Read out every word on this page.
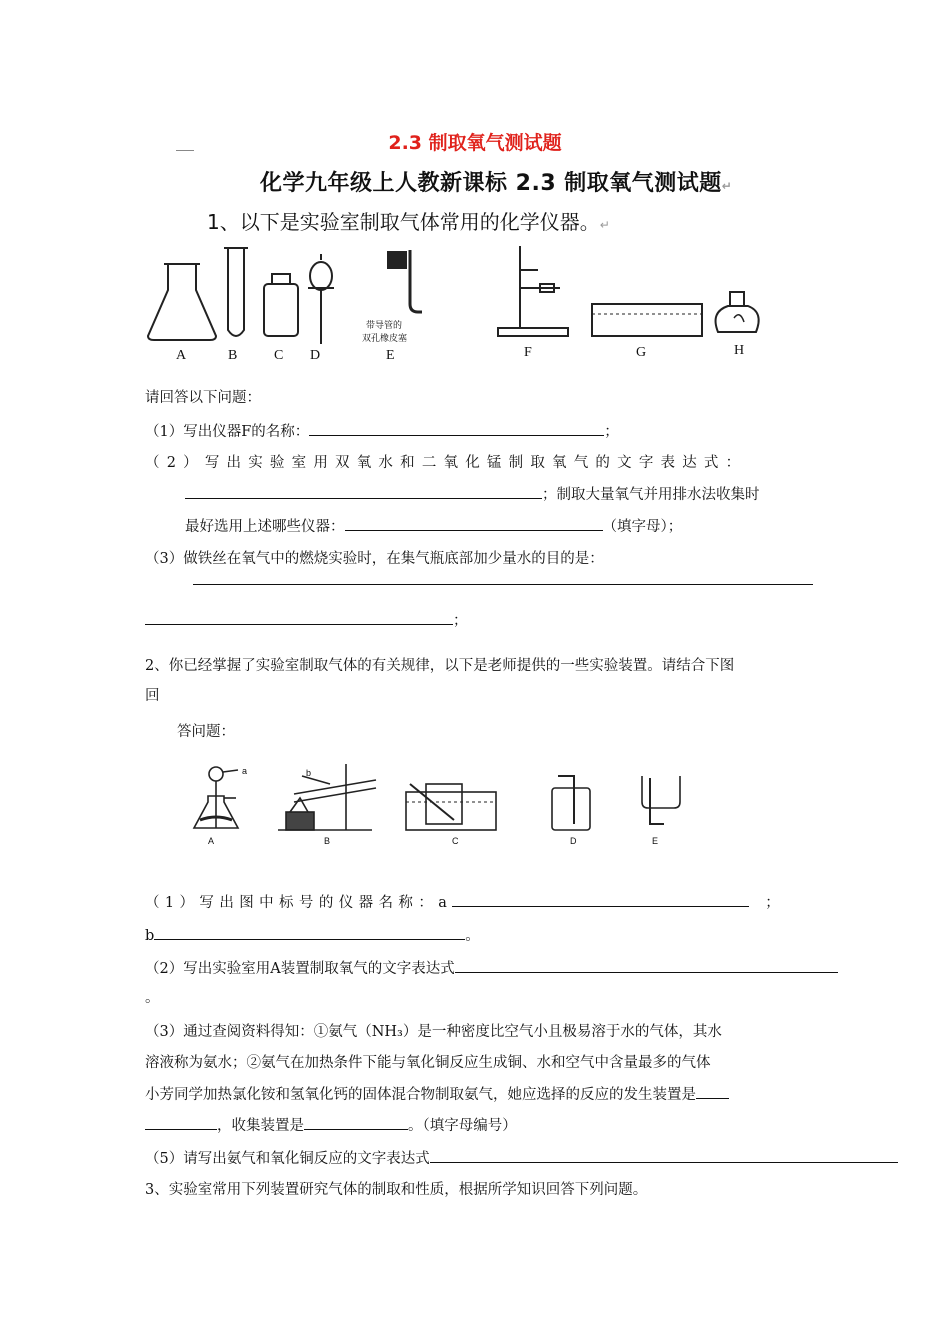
2.3 制取氧气测试题
化学九年级上人教新课标 2.3 制取氧气测试题↵
1、以下是实验室制取气体常用的化学仪器。↵
A	B	C D
带导管的
双孔橡皮塞
E	F	G	H
请回答以下问题：
（1）写出仪器F的名称：	；
（2）写出实验室用双氧水和二氧化锰制取氧气的文字表达式：
；制取大量氧气并用排水法收集时
最好选用上述哪些仪器：	（填字母）；
（3）做铁丝在氧气中的燃烧实验时，在集气瓶底部加少量水的目的是：
；
2、你已经掌握了实验室制取气体的有关规律，以下是老师提供的一些实验装置。请结合下图
回
答问题：
a	b
A	B	C	D	E
（1）写出图中标号的仪器名称：a	；
b	。
（2）写出实验室用A装置制取氧气的文字表达式
。
（3）通过查阅资料得知：①氨气（NH₃）是一种密度比空气小且极易溶于水的气体，其水
溶液称为氨水；②氨气在加热条件下能与氧化铜反应生成铜、水和空气中含量最多的气体
小芳同学加热氯化铵和氢氧化钙的固体混合物制取氨气，她应选择的反应的发生装置是
，收集装置是	。（填字母编号）
（5）请写出氨气和氧化铜反应的文字表达式
3、实验室常用下列装置研究气体的制取和性质，根据所学知识回答下列问题。
